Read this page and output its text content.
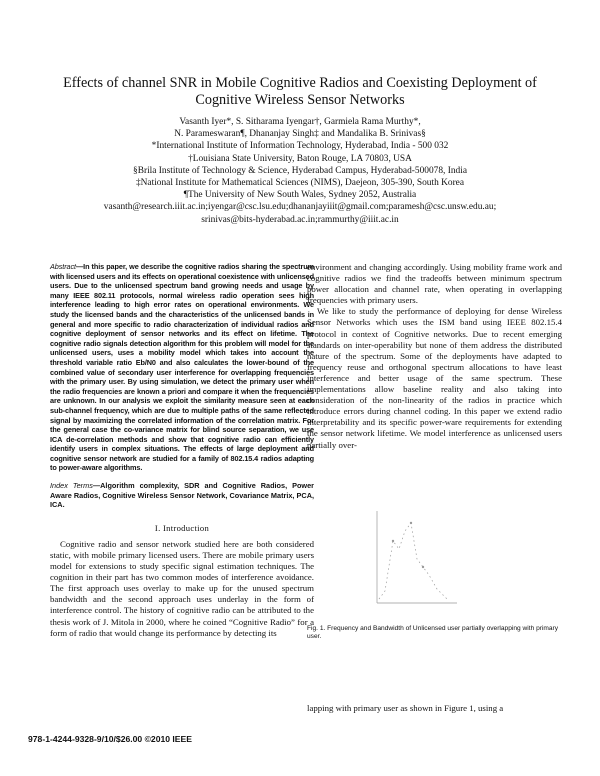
Effects of channel SNR in Mobile Cognitive Radios and Coexisting Deployment of
Cognitive Wireless Sensor Networks
Vasanth Iyer*, S. Sitharama Iyengar†, Garmiela Rama Murthy*,
N. Parameswaran¶, Dhananjay Singh‡ and Mandalika B. Srinivas§
*International Institute of Information Technology, Hyderabad, India - 500 032
†Louisiana State University, Baton Rouge, LA 70803, USA
§Brila Institute of Technology & Science, Hyderabad Campus, Hyderabad-500078, India
‡National Institute for Mathematical Sciences (NIMS), Daejeon, 305-390, South Korea
¶The University of New South Wales, Sydney 2052, Australia
vasanth@research.iiit.ac.in;iyengar@csc.lsu.edu;dhananjayiiit@gmail.com;paramesh@csc.unsw.edu.au;
srinivas@bits-hyderabad.ac.in;rammurthy@iiit.ac.in
Abstract—In this paper, we describe the cognitive radios sharing the spectrum with licensed users and its effects on operational coexistence with unlicensed users. Due to the unlicensed spectrum band growing needs and usage by many IEEE 802.11 protocols, normal wireless radio operation sees high interference leading to high error rates on operational environments. We study the licensed bands and the characteristics of the unlicensed bands in general and more specific to radio characterization of individual radios and cognitive deployment of sensor networks and its effect on lifetime. The cognitive radio signals detection algorithm for this problem will model for the unlicensed users, uses a mobility model which takes into account the threshold variable ratio Eb/N0 and also calculates the lower-bound of the combined value of secondary user interference for overlapping frequencies with the primary user. By using simulation, we detect the primary user when the radio frequencies are known a priori and compare it when the frequencies are unknown. In our analysis we exploit the similarity measure seen at each sub-channel frequency, which are due to multiple paths of the same reflected signal by maximizing the correlated information of the correlation matrix. For the general case the co-variance matrix for blind source separation, we use ICA de-correlation methods and show that cognitive radio can efficiently identify users in complex situations. The effects of large deployment and cognitive sensor network are studied for a family of 802.15.4 radios adapting to power-aware algorithms.
Index Terms—Algorithm complexity, SDR and Cognitive Radios, Power Aware Radios, Cognitive Wireless Sensor Network, Covariance Matrix, PCA, ICA.
I. Introduction

Cognitive radio and sensor network studied here are both considered static, with mobile primary licensed users. There are mobile primary users model for extensions to study specific signal estimation techniques. The cognition in their part has two common modes of interference avoidance. The first approach uses overlay to make up for the unused spectrum bandwidth and the second approach uses underlay in the form of interference control. The history of cognitive radio can be attributed to the thesis work of J. Mitola in 2000, where he coined “Cognitive Radio” for a form of radio that would change its performance by detecting its

environment and changing accordingly. Using mobility frame work and cognitive radios we find the tradeoffs between minimum spectrum power allocation and channel rate, when operating in overlapping frequencies with primary users.

We like to study the performance of deploying for dense Wireless Sensor Networks which uses the ISM band using IEEE 802.15.4 protocol in context of Cognitive networks. Due to recent emerging standards on inter-operability but none of them address the distributed nature of the spectrum. Some of the deployments have adapted to frequency reuse and orthogonal spectrum allocations to have least interference and better usage of the same spectrum. These implementations allow baseline reality and also taking into consideration of the non-linearity of the radios in practice which introduce errors during channel coding. In this paper we extend radio interpretability and its specific power-ware requirements for extending the sensor network lifetime. We model interference as unlicensed users partially over-

Fig. 1. Frequency and Bandwidth of Unlicensed user partially overlapping with primary user.
lapping with primary user as shown in Figure 1, using a
978-1-4244-9328-9/10/$26.00 ©2010 IEEE
